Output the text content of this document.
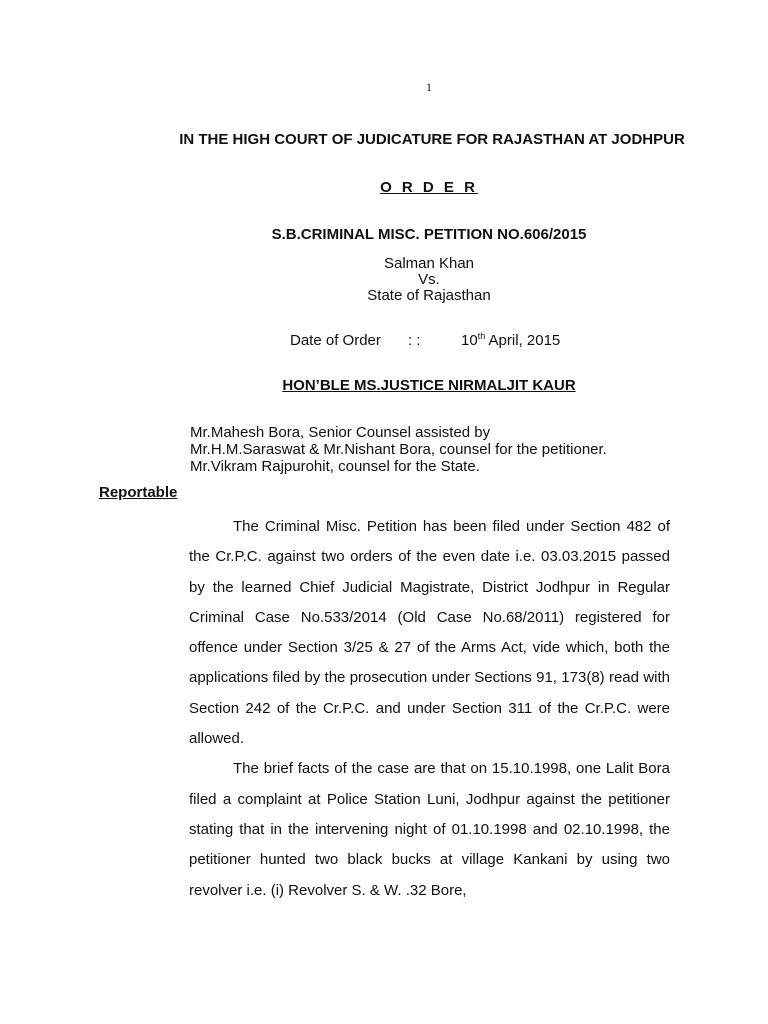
1
IN THE HIGH COURT OF JUDICATURE FOR RAJASTHAN AT JODHPUR
O R D E R
S.B.CRIMINAL MISC. PETITION NO.606/2015
Salman Khan
Vs.
State of Rajasthan
Date of Order : :	10th April, 2015
HON’BLE MS.JUSTICE NIRMALJIT KAUR
Mr.Mahesh Bora, Senior Counsel assisted by
Mr.H.M.Saraswat & Mr.Nishant Bora, counsel for the petitioner.
Mr.Vikram Rajpurohit, counsel for the State.
Reportable

The Criminal Misc. Petition has been filed under Section 482 of the Cr.P.C. against two orders of the even date i.e. 03.03.2015 passed by the learned Chief Judicial Magistrate, District Jodhpur in Regular Criminal Case No.533/2014 (Old Case No.68/2011) registered for offence under Section 3/25 & 27 of the Arms Act, vide which, both the applications filed by the prosecution under Sections 91, 173(8) read with Section 242 of the Cr.P.C. and under Section 311 of the Cr.P.C. were allowed.

The brief facts of the case are that on 15.10.1998, one Lalit Bora filed a complaint at Police Station Luni, Jodhpur against the petitioner stating that in the intervening night of 01.10.1998 and 02.10.1998, the petitioner hunted two black bucks at village Kankani by using two revolver i.e. (i) Revolver S. & W. .32 Bore,
